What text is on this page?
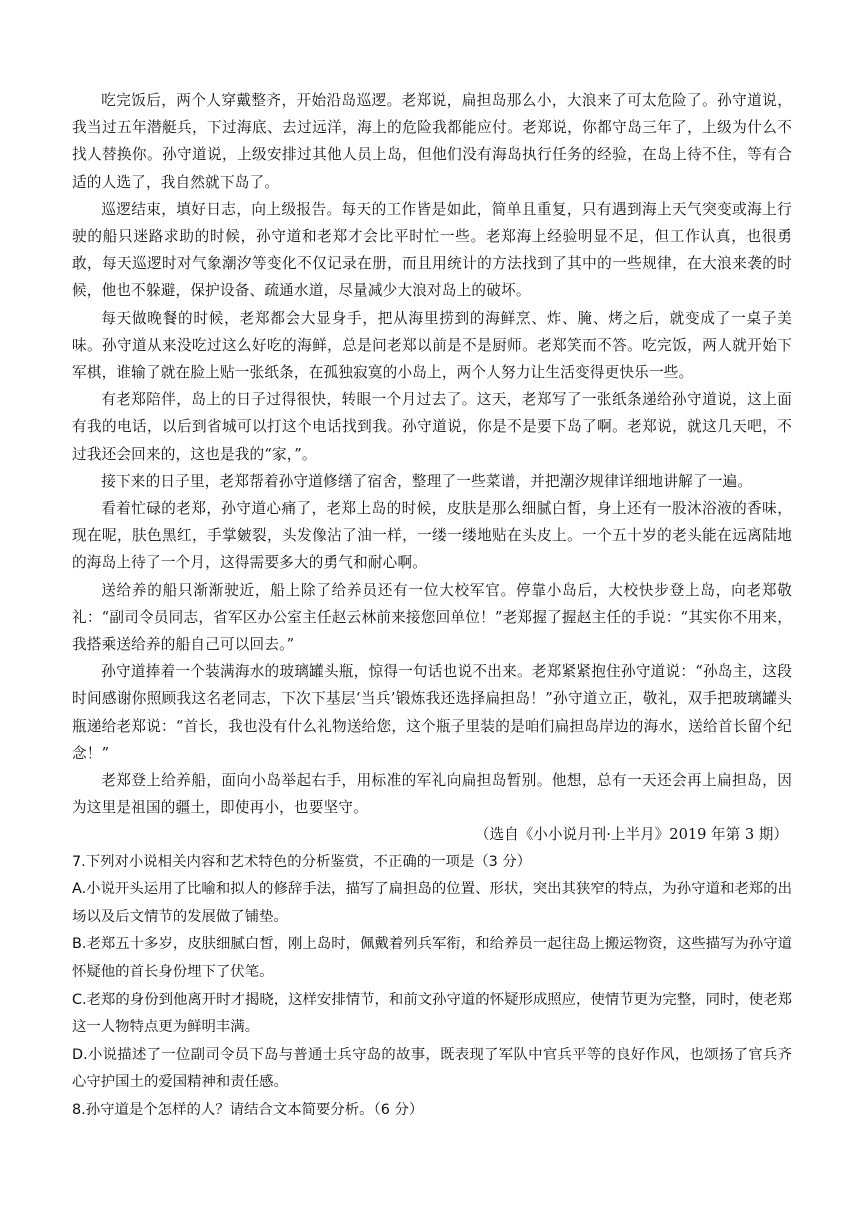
吃完饭后，两个人穿戴整齐，开始沿岛巡逻。老郑说，扁担岛那么小，大浪来了可太危险了。孙守道说，我当过五年潜艇兵，下过海底、去过远洋，海上的危险我都能应付。老郑说，你都守岛三年了，上级为什么不找人替换你。孙守道说，上级安排过其他人员上岛，但他们没有海岛执行任务的经验，在岛上待不住，等有合适的人选了，我自然就下岛了。

巡逻结束，填好日志，向上级报告。每天的工作皆是如此，简单且重复，只有遇到海上天气突变或海上行驶的船只迷路求助的时候，孙守道和老郑才会比平时忙一些。老郑海上经验明显不足，但工作认真，也很勇敢，每天巡逻时对气象潮汐等变化不仅记录在册，而且用统计的方法找到了其中的一些规律，在大浪来袭的时候，他也不躲避，保护设备、疏通水道，尽量减少大浪对岛上的破坏。

每天做晚餐的时候，老郑都会大显身手，把从海里捞到的海鲜烹、炸、腌、烤之后，就变成了一桌子美味。孙守道从来没吃过这么好吃的海鲜，总是问老郑以前是不是厨师。老郑笑而不答。吃完饭，两人就开始下军棋，谁输了就在脸上贴一张纸条，在孤独寂寞的小岛上，两个人努力让生活变得更快乐一些。

有老郑陪伴，岛上的日子过得很快，转眼一个月过去了。这天，老郑写了一张纸条递给孙守道说，这上面有我的电话，以后到省城可以打这个电话找到我。孙守道说，你是不是要下岛了啊。老郑说，就这几天吧，不过我还会回来的，这也是我的“家，”。

接下来的日子里，老郑帮着孙守道修缮了宿舍，整理了一些菜谱，并把潮汐规律详细地讲解了一遍。

看着忙碌的老郑，孙守道心痛了，老郑上岛的时候，皮肤是那么细腻白皙，身上还有一股沐浴液的香味，现在呢，肤色黑红，手掌皴裂，头发像沾了油一样，一缕一缕地贴在头皮上。一个五十岁的老头能在远离陆地的海岛上待了一个月，这得需要多大的勇气和耐心啊。

送给养的船只渐渐驶近，船上除了给养员还有一位大校军官。停靠小岛后，大校快步登上岛，向老郑敬礼：“副司令员同志，省军区办公室主任赵云林前来接您回单位！”老郑握了握赵主任的手说：“其实你不用来，我搭乘送给养的船自己可以回去。”

孙守道捧着一个装满海水的玻璃罐头瓶，惊得一句话也说不出来。老郑紧紧抱住孙守道说：“孙岛主，这段时间感谢你照顾我这名老同志，下次下基层‘当兵’锻炼我还选择扁担岛！”孙守道立正，敬礼，双手把玻璃罐头瓶递给老郑说：“首长，我也没有什么礼物送给您，这个瓶子里装的是咱们扁担岛岸边的海水，送给首长留个纪念！”

老郑登上给养船，面向小岛举起右手，用标准的军礼向扁担岛暂别。他想，总有一天还会再上扁担岛，因为这里是祖国的疆土，即使再小，也要坚守。

（选自《小小说月刊·上半月》2019 年第 3 期）

7.下列对小说相关内容和艺术特色的分析鉴赏，不正确的一项是（3 分）

A.小说开头运用了比喻和拟人的修辞手法，描写了扁担岛的位置、形状，突出其狭窄的特点，为孙守道和老郑的出场以及后文情节的发展做了铺垫。

B.老郑五十多岁，皮肤细腻白皙，刚上岛时，佩戴着列兵军衔，和给养员一起往岛上搬运物资，这些描写为孙守道怀疑他的首长身份埋下了伏笔。

C.老郑的身份到他离开时才揭晓，这样安排情节，和前文孙守道的怀疑形成照应，使情节更为完整，同时，使老郑这一人物特点更为鲜明丰满。

D.小说描述了一位副司令员下岛与普通士兵守岛的故事，既表现了军队中官兵平等的良好作风，也颂扬了官兵齐心守护国土的爱国精神和责任感。

8.孙守道是个怎样的人？请结合文本简要分析。（6 分）
